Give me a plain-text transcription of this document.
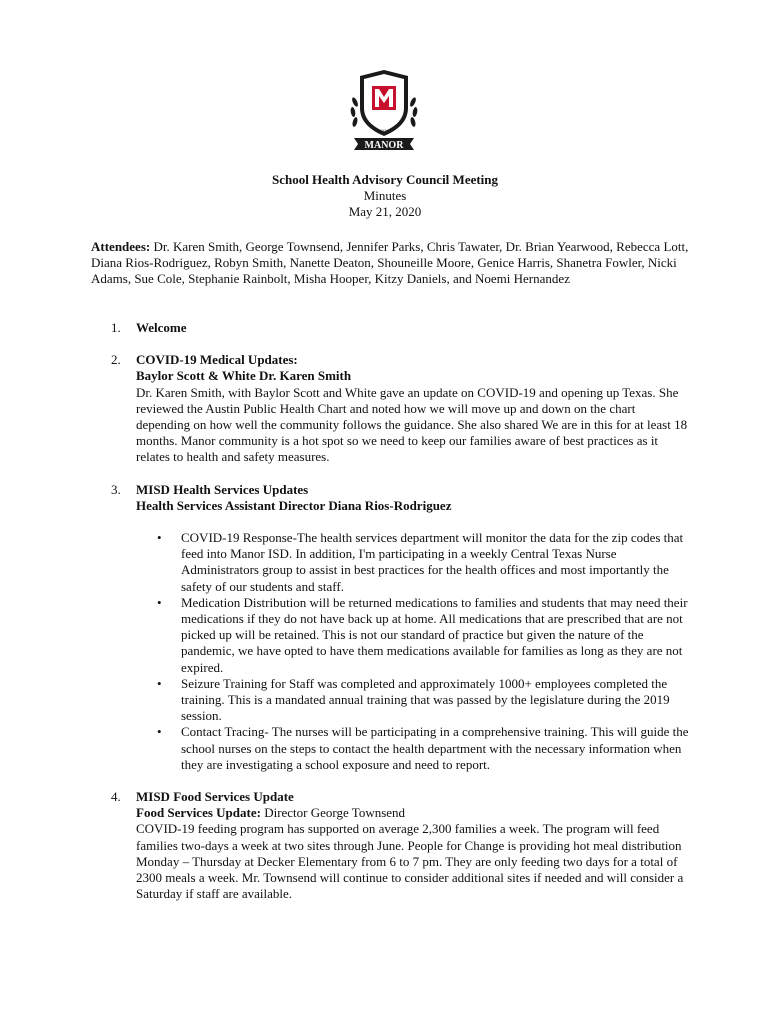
1930
MANOR
School Health Advisory Council Meeting
Minutes
May 21, 2020
Attendees: Dr. Karen Smith, George Townsend, Jennifer Parks, Chris Tawater, Dr. Brian Yearwood, Rebecca Lott, Diana Rios-Rodriguez, Robyn Smith, Nanette Deaton, Shouneille Moore, Genice Harris, Shanetra Fowler, Nicki Adams, Sue Cole, Stephanie Rainbolt, Misha Hooper, Kitzy Daniels, and Noemi Hernandez
1. Welcome
2. COVID-19 Medical Updates:
Baylor Scott & White Dr. Karen Smith
Dr. Karen Smith, with Baylor Scott and White gave an update on COVID-19 and opening up Texas. She reviewed the Austin Public Health Chart and noted how we will move up and down on the chart depending on how well the community follows the guidance. She also shared We are in this for at least 18 months. Manor community is a hot spot so we need to keep our families aware of best practices as it relates to health and safety measures.
3. MISD Health Services Updates
Health Services Assistant Director Diana Rios-Rodriguez
• COVID-19 Response-The health services department will monitor the data for the zip codes that feed into Manor ISD. In addition, I'm participating in a weekly Central Texas Nurse Administrators group to assist in best practices for the health offices and most importantly the safety of our students and staff.
• Medication Distribution will be returned medications to families and students that may need their medications if they do not have back up at home. All medications that are prescribed that are not picked up will be retained. This is not our standard of practice but given the nature of the pandemic, we have opted to have them medications available for families as long as they are not expired.
• Seizure Training for Staff was completed and approximately 1000+ employees completed the training. This is a mandated annual training that was passed by the legislature during the 2019 session.
• Contact Tracing- The nurses will be participating in a comprehensive training. This will guide the school nurses on the steps to contact the health department with the necessary information when they are investigating a school exposure and need to report.
4. MISD Food Services Update
Food Services Update: Director George Townsend
COVID-19 feeding program has supported on average 2,300 families a week. The program will feed families two-days a week at two sites through June. People for Change is providing hot meal distribution Monday – Thursday at Decker Elementary from 6 to 7 pm. They are only feeding two days for a total of 2300 meals a week. Mr. Townsend will continue to consider additional sites if needed and will consider a Saturday if staff are available.
